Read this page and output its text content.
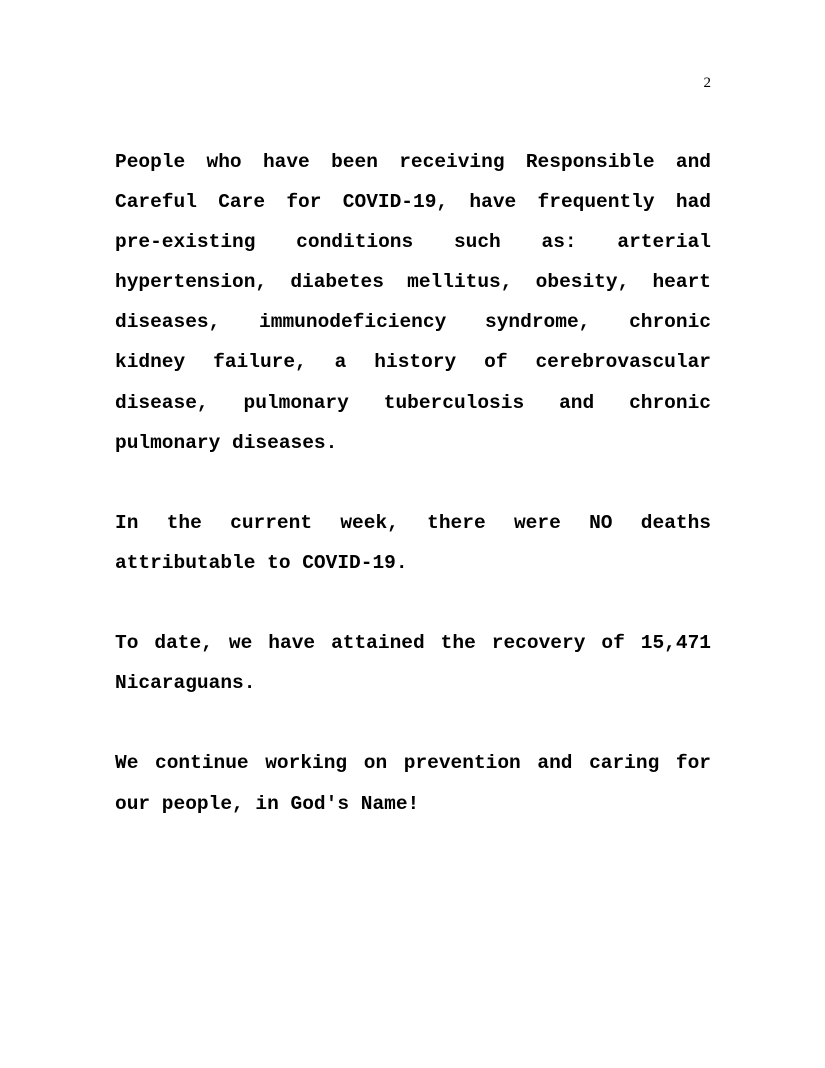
2

People who have been receiving Responsible and Careful Care for COVID-19, have frequently had pre-existing conditions such as: arterial hypertension, diabetes mellitus, obesity, heart diseases, immunodeficiency syndrome, chronic kidney failure, a history of cerebrovascular disease, pulmonary tuberculosis and chronic pulmonary diseases.

In the current week, there were NO deaths attributable to COVID-19.

To date, we have attained the recovery of 15,471 Nicaraguans.

We continue working on prevention and caring for our people, in God's Name!
